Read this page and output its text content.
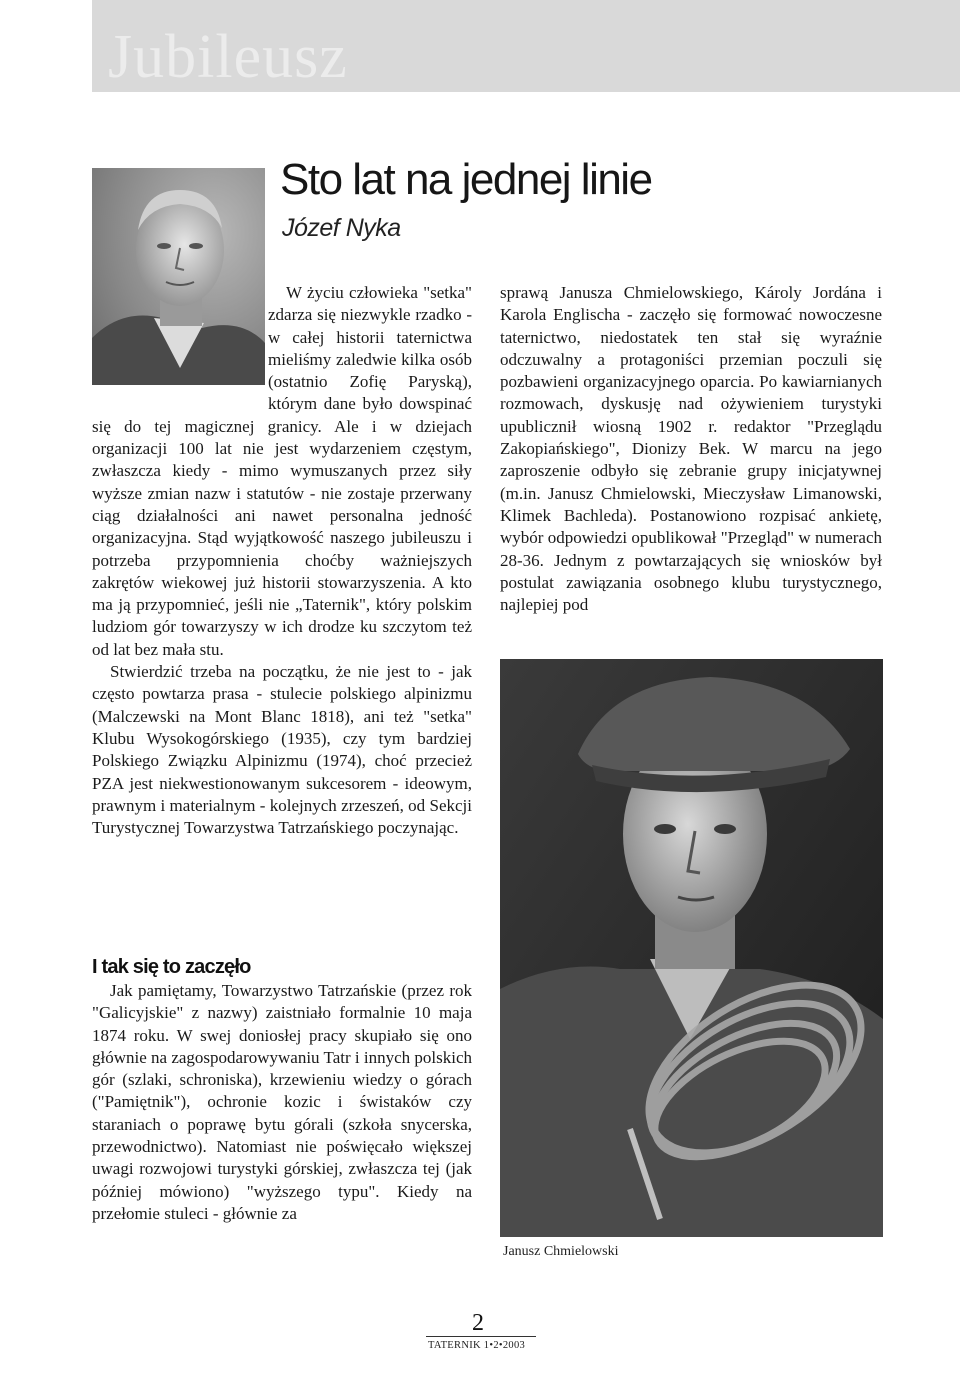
Jubileusz
Sto lat na jednej linie
Józef Nyka

W życiu człowieka "setka" zdarza się niezwykle rzadko - w całej historii taternictwa mieliśmy zaledwie kilka osób (ostatnio Zofię Paryską), którym dane było dowspinać się do tej magicznej granicy. Ale i w dziejach organizacji 100 lat nie jest wydarzeniem częstym, zwłaszcza kiedy - mimo wymuszanych przez siły wyższe zmian nazw i statutów - nie zostaje przerwany ciąg działalności ani nawet personalna jedność organizacyjna. Stąd wyjątkowość naszego jubileuszu i potrzeba przypomnienia choćby ważniejszych zakrętów wiekowej już historii stowarzyszenia. A kto ma ją przypomnieć, jeśli nie „Taternik", który polskim ludziom gór towarzyszy w ich drodze ku szczytom też od lat bez mała stu.

Stwierdzić trzeba na początku, że nie jest to - jak często powtarza prasa - stulecie polskiego alpinizmu (Malczewski na Mont Blanc 1818), ani też "setka" Klubu Wysokogórskiego (1935), czy tym bardziej Polskiego Związku Alpinizmu (1974), choć przecież PZA jest niekwestionowanym sukcesorem - ideowym, prawnym i materialnym - kolejnych zrzeszeń, od Sekcji Turystycznej Towarzystwa Tatrzańskiego poczynając.

I tak się to zaczęło

Jak pamiętamy, Towarzystwo Tatrzańskie (przez rok "Galicyjskie" z nazwy) zaistniało formalnie 10 maja 1874 roku. W swej doniosłej pracy skupiało się ono głównie na zagospodarowywaniu Tatr i innych polskich gór (szlaki, schroniska), krzewieniu wiedzy o górach ("Pamiętnik"), ochronie kozic i świstaków czy staraniach o poprawę bytu górali (szkoła snycerska, przewodnictwo). Natomiast nie poświęcało większej uwagi rozwojowi turystyki górskiej, zwłaszcza tej (jak później mówiono) "wyższego typu". Kiedy na przełomie stuleci - głównie za

sprawą Janusza Chmielowskiego, Károly Jordána i Karola Englischa - zaczęło się formować nowoczesne taternictwo, niedostatek ten stał się wyraźnie odczuwalny a protagoniści przemian poczuli się pozbawieni organizacyjnego oparcia. Po kawiarnianych rozmowach, dyskusję nad ożywieniem turystyki upublicznił wiosną 1902 r. redaktor "Przeglądu Zakopiańskiego", Dionizy Bek. W marcu na jego zaproszenie odbyło się zebranie grupy inicjatywnej (m.in. Janusz Chmielowski, Mieczysław Limanowski, Klimek Bachleda). Postanowiono rozpisać ankietę, wybór odpowiedzi opublikował "Przegląd" w numerach 28-36. Jednym z powtarzających się wniosków był postulat zawiązania osobnego klubu turystycznego, najlepiej pod

Janusz Chmielowski
2
TATERNIK 1•2•2003
